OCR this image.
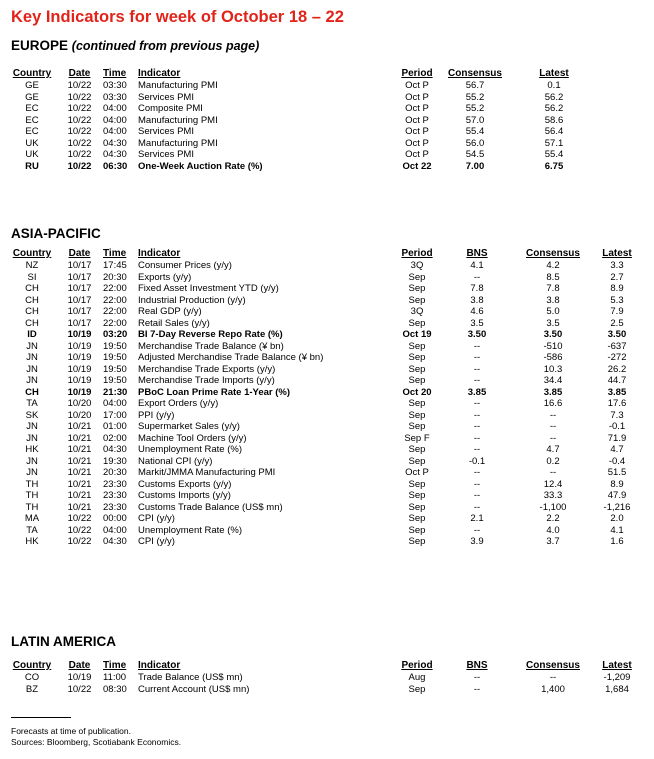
Key Indicators for week of October 18 – 22
EUROPE (continued from previous page)
Country	Date	Time	Indicator	Period	Consensus	Latest
GE	10/22	03:30	Manufacturing PMI	Oct P	56.7	0.1
GE	10/22	03:30	Services PMI	Oct P	55.2	56.2
EC	10/22	04:00	Composite PMI	Oct P	55.2	56.2
EC	10/22	04:00	Manufacturing PMI	Oct P	57.0	58.6
EC	10/22	04:00	Services PMI	Oct P	55.4	56.4
UK	10/22	04:30	Manufacturing PMI	Oct P	56.0	57.1
UK	10/22	04:30	Services PMI	Oct P	54.5	55.4
RU	10/22	06:30	One-Week Auction Rate (%)	Oct 22	7.00	6.75
ASIA-PACIFIC
Country	Date	Time	Indicator	Period	BNS	Consensus	Latest
NZ	10/17	17:45	Consumer Prices (y/y)	3Q	4.1	4.2	3.3
SI	10/17	20:30	Exports (y/y)	Sep	--	8.5	2.7
CH	10/17	22:00	Fixed Asset Investment YTD (y/y)	Sep	7.8	7.8	8.9
CH	10/17	22:00	Industrial Production (y/y)	Sep	3.8	3.8	5.3
CH	10/17	22:00	Real GDP (y/y)	3Q	4.6	5.0	7.9
CH	10/17	22:00	Retail Sales (y/y)	Sep	3.5	3.5	2.5
ID	10/19	03:20	BI 7-Day Reverse Repo Rate (%)	Oct 19	3.50	3.50	3.50
JN	10/19	19:50	Merchandise Trade Balance (¥ bn)	Sep	--	-510	-637
JN	10/19	19:50	Adjusted Merchandise Trade Balance (¥ bn)	Sep	--	-586	-272
JN	10/19	19:50	Merchandise Trade Exports (y/y)	Sep	--	10.3	26.2
JN	10/19	19:50	Merchandise Trade Imports (y/y)	Sep	--	34.4	44.7
CH	10/19	21:30	PBoC Loan Prime Rate 1-Year (%)	Oct 20	3.85	3.85	3.85
TA	10/20	04:00	Export Orders (y/y)	Sep	--	16.6	17.6
SK	10/20	17:00	PPI (y/y)	Sep	--	--	7.3
JN	10/21	01:00	Supermarket Sales (y/y)	Sep	--	--	-0.1
JN	10/21	02:00	Machine Tool Orders (y/y)	Sep F	--	--	71.9
HK	10/21	04:30	Unemployment Rate (%)	Sep	--	4.7	4.7
JN	10/21	19:30	National CPI (y/y)	Sep	-0.1	0.2	-0.4
JN	10/21	20:30	Markit/JMMA Manufacturing PMI	Oct P	--	--	51.5
TH	10/21	23:30	Customs Exports (y/y)	Sep	--	12.4	8.9
TH	10/21	23:30	Customs Imports (y/y)	Sep	--	33.3	47.9
TH	10/21	23:30	Customs Trade Balance (US$ mn)	Sep	--	-1,100	-1,216
MA	10/22	00:00	CPI (y/y)	Sep	2.1	2.2	2.0
TA	10/22	04:00	Unemployment Rate (%)	Sep	--	4.0	4.1
HK	10/22	04:30	CPI (y/y)	Sep	3.9	3.7	1.6
LATIN AMERICA
Country	Date	Time	Indicator	Period	BNS	Consensus	Latest
CO	10/19	11:00	Trade Balance (US$ mn)	Aug	--	--	-1,209
BZ	10/22	08:30	Current Account (US$ mn)	Sep	--	1,400	1,684
Forecasts at time of publication.
Sources: Bloomberg, Scotiabank Economics.
